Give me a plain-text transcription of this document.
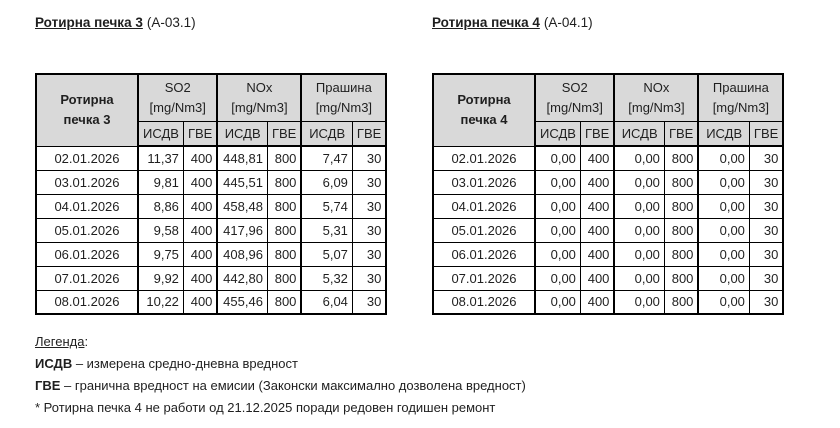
Ротирна печка 3 (А-03.1)
Ротирна печка 3	
SO2
[mg/Nm3]

NOx
[mg/Nm3]

Прашина
[mg/Nm3]

	ИСДВ	ГВЕ	ИСДВ	ГВЕ	ИСДВ	ГВЕ
02.01.2026	11,37	400	448,81	800	7,47	30
03.01.2026	9,81	400	445,51	800	6,09	30
04.01.2026	8,86	400	458,48	800	5,74	30
05.01.2026	9,58	400	417,96	800	5,31	30
06.01.2026	9,75	400	408,96	800	5,07	30
07.01.2026	9,92	400	442,80	800	5,32	30
08.01.2026	10,22	400	455,46	800	6,04	30
Ротирна печка 4 (А-04.1)
Ротирна печка 4	
SO2
[mg/Nm3]

NOx
[mg/Nm3]

Прашина
[mg/Nm3]

	ИСДВ	ГВЕ	ИСДВ	ГВЕ	ИСДВ	ГВЕ
02.01.2026	0,00	400	0,00	800	0,00	30
03.01.2026	0,00	400	0,00	800	0,00	30
04.01.2026	0,00	400	0,00	800	0,00	30
05.01.2026	0,00	400	0,00	800	0,00	30
06.01.2026	0,00	400	0,00	800	0,00	30
07.01.2026	0,00	400	0,00	800	0,00	30
08.01.2026	0,00	400	0,00	800	0,00	30
Легенда:
ИСДВ – измерена средно-дневна вредност
ГВЕ – гранична вредност на емисии (Законски максимално дозволена вредност)
* Ротирна печка 4 не работи од 21.12.2025 поради редовен годишен ремонт
